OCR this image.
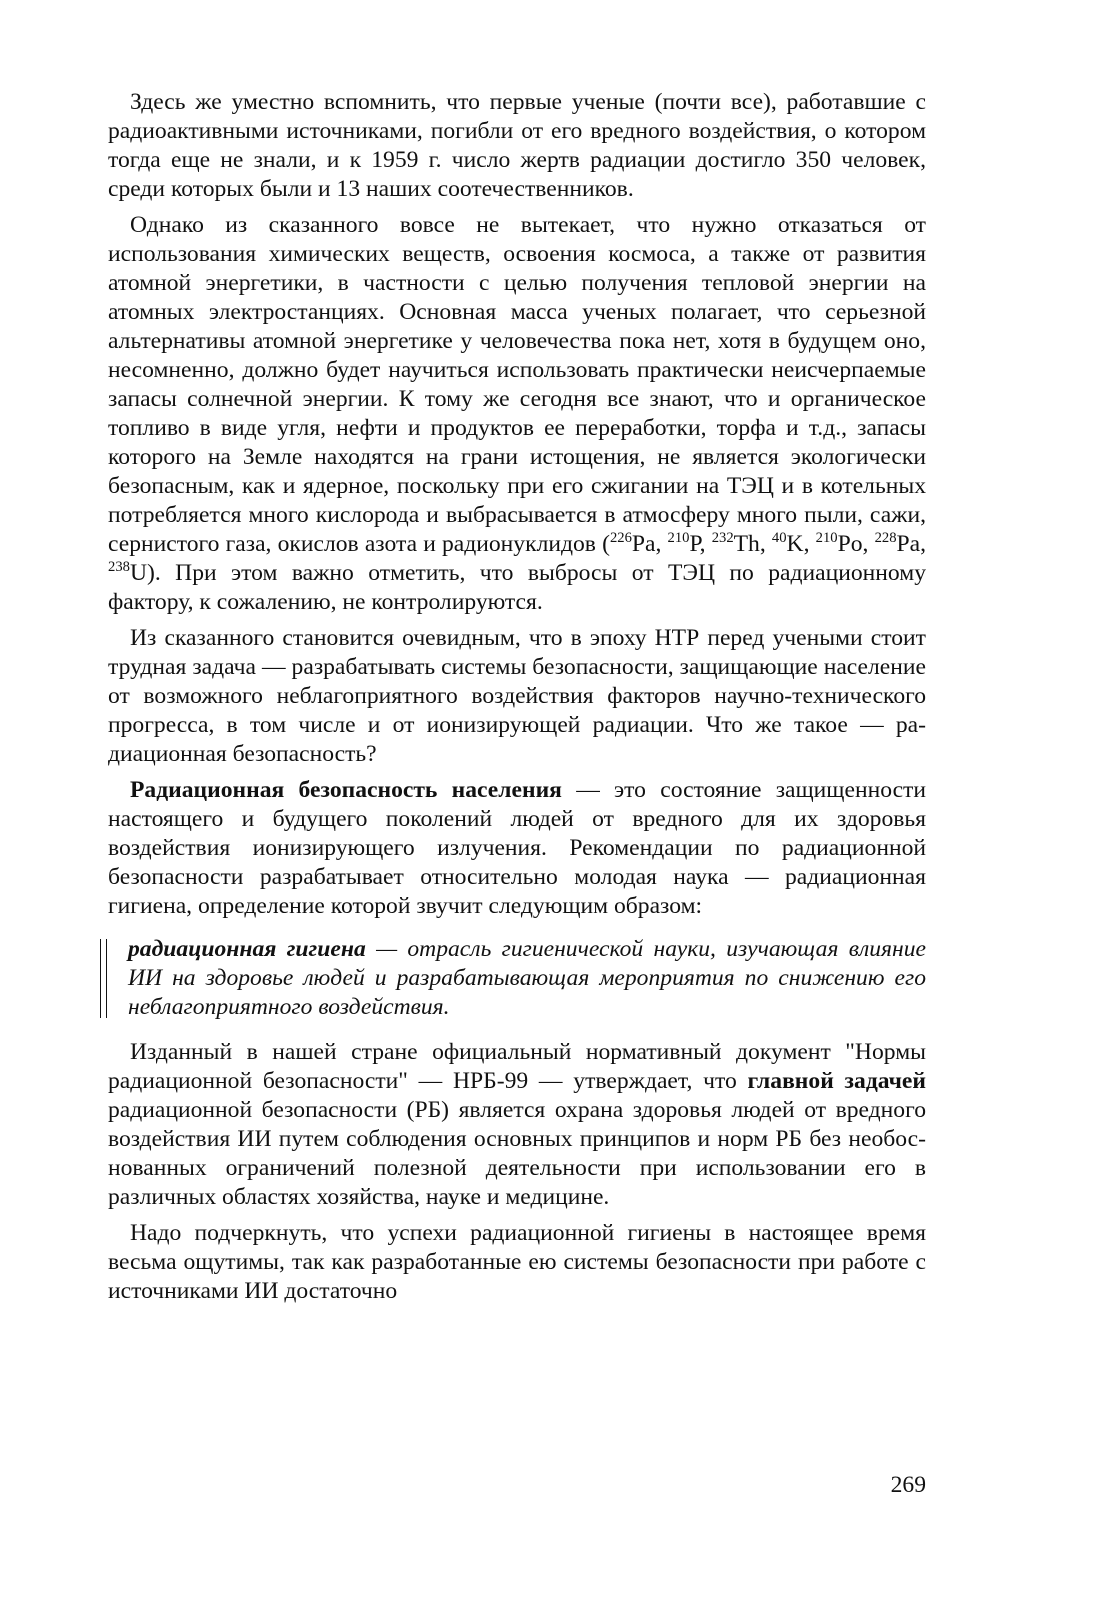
Здесь же уместно вспомнить, что первые ученые (почти все), работавшие с радиоактивными источниками, погибли от его вредного воздействия, о котором тогда еще не знали, и к 1959 г. число жертв радиации достигло 350 человек, среди которых были и 13 наших соотечественников.

Однако из сказанного вовсе не вытекает, что нужно отказаться от использования химических веществ, освоения космоса, а также от развития атомной энергетики, в частности с целью получения тепловой энергии на атомных электростанциях. Основная масса ученых полагает, что серьезной альтернативы атомной энергетике у человечества пока нет, хотя в будущем оно, несомненно, должно будет научиться использовать практически неисчерпаемые запасы солнечной энергии. К тому же сегодня все знают, что и органическое топливо в виде угля, нефти и продуктов ее переработки, торфа и т.д., запасы которого на Земле находятся на грани истощения, не является экологически безопасным, как и ядерное, поскольку при его сжигании на ТЭЦ и в котельных потребляется много кислорода и выбрасывается в атмосферу много пыли, сажи, сернистого газа, окислов азота и радионуклидов ($^{226}$Ра, $^{210}$Р, $^{232}$Th, $^{40}$K, $^{210}$Po, $^{228}$Ра, $^{238}$U). При этом важно отметить, что выбросы от ТЭЦ по радиационному фактору, к сожалению, не контролируются.

Из сказанного становится очевидным, что в эпоху НТР перед учеными стоит трудная задача — разрабатывать системы безопасности, защищающие население от возможного неблагоприятного воздействия факторов научно-технического прогресса, в том числе и от ионизирующей радиации. Что же такое — радиационная безопасность?

Радиационная безопасность населения — это состояние защищенности настоящего и будущего поколений людей от вредного для их здоровья воздействия ионизирующего излучения. Рекомендации по радиационной безопасности разрабатывает относительно молодая наука — радиационная гигиена, определение которой звучит следующим образом:

радиационная гигиена — отрасль гигиенической науки, изучающая влияние ИИ на здоровье людей и разрабатывающая мероприятия по снижению его неблагоприятного воздействия.

Изданный в нашей стране официальный нормативный документ "Нормы радиационной безопасности" — НРБ-99 — утверждает, что главной задачей радиационной безопасности (РБ) является охрана здоровья людей от вредного воздействия ИИ путем соблюдения основных принципов и норм РБ без необоснованных ограничений полезной деятельности при использовании его в различных областях хозяйства, науке и медицине.

Надо подчеркнуть, что успехи радиационной гигиены в настоящее время весьма ощутимы, так как разработанные ею системы безопасности при работе с источниками ИИ достаточно

269
